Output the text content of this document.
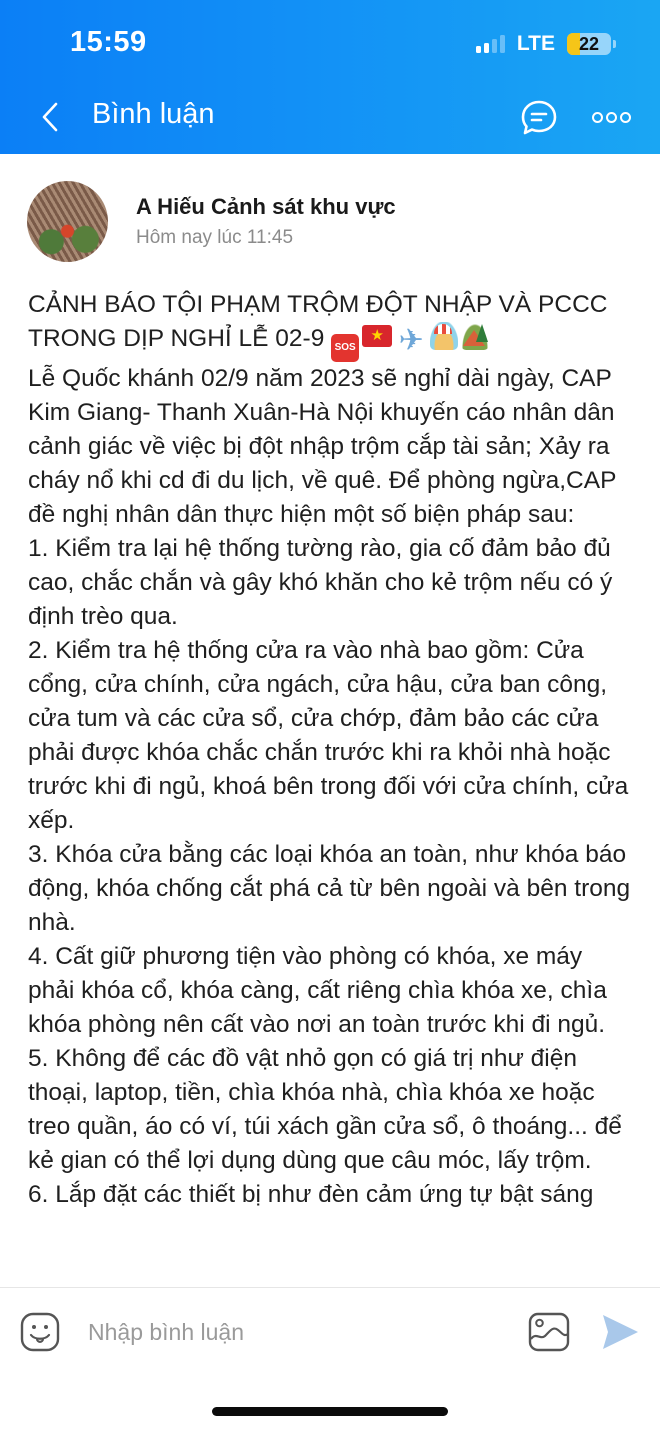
15:59	LTE 22
Bình luận
A Hiếu Cảnh sát khu vực
Hôm nay lúc 11:45

CẢNH BÁO TỘI PHẠM TRỘM ĐỘT NHẬP VÀ PCCC TRONG DỊP NGHỈ LỄ 02-9 SOS★ ✈

Lễ Quốc khánh 02/9 năm 2023 sẽ nghỉ dài ngày, CAP Kim Giang- Thanh Xuân-Hà Nội khuyến cáo nhân dân cảnh giác về việc bị đột nhập trộm cắp tài sản; Xảy ra cháy nổ khi cd đi du lịch, về quê. Để phòng ngừa,CAP đề nghị nhân dân thực hiện một số biện pháp sau:

1. Kiểm tra lại hệ thống tường rào, gia cố đảm bảo đủ cao, chắc chắn và gây khó khăn cho kẻ trộm nếu có ý định trèo qua.

2. Kiểm tra hệ thống cửa ra vào nhà bao gồm: Cửa cổng, cửa chính, cửa ngách, cửa hậu, cửa ban công, cửa tum và các cửa sổ, cửa chớp, đảm bảo các cửa phải được khóa chắc chắn trước khi ra khỏi nhà hoặc trước khi đi ngủ, khoá bên trong đối với cửa chính, cửa xếp.

3. Khóa cửa bằng các loại khóa an toàn, như khóa báo động, khóa chống cắt phá cả từ bên ngoài và bên trong nhà.

4. Cất giữ phương tiện vào phòng có khóa, xe máy phải khóa cổ, khóa càng, cất riêng chìa khóa xe, chìa khóa phòng nên cất vào nơi an toàn trước khi đi ngủ.

5. Không để các đồ vật nhỏ gọn có giá trị như điện thoại, laptop, tiền, chìa khóa nhà, chìa khóa xe hoặc treo quần, áo có ví, túi xách gần cửa sổ, ô thoáng... để kẻ gian có thể lợi dụng dùng que câu móc, lấy trộm.

6. Lắp đặt các thiết bị như đèn cảm ứng tự bật sáng

Nhập bình luận
